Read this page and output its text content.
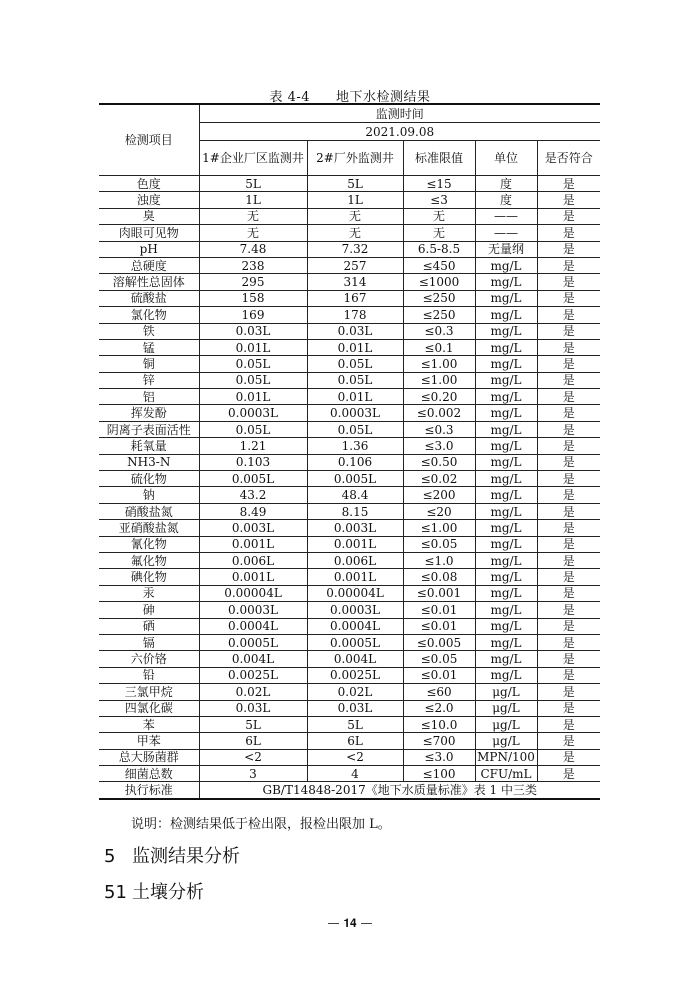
表 4-4 地下水检测结果
检测项目	监测时间				
	2021.09.08				
	1#企业厂区监测井	2#厂外监测井	标准限值	单位	是否符合
色度	5L	5L	≤15	度	是
浊度	1L	1L	≤3	度	是
臭	无	无	无	——	是
肉眼可见物	无	无	无	——	是
pH	7.48	7.32	6.5-8.5	无量纲	是
总硬度	238	257	≤450	mg/L	是
溶解性总固体	295	314	≤1000	mg/L	是
硫酸盐	158	167	≤250	mg/L	是
氯化物	169	178	≤250	mg/L	是
铁	0.03L	0.03L	≤0.3	mg/L	是
锰	0.01L	0.01L	≤0.1	mg/L	是
铜	0.05L	0.05L	≤1.00	mg/L	是
锌	0.05L	0.05L	≤1.00	mg/L	是
铝	0.01L	0.01L	≤0.20	mg/L	是
挥发酚	0.0003L	0.0003L	≤0.002	mg/L	是
阴离子表面活性	0.05L	0.05L	≤0.3	mg/L	是
耗氧量	1.21	1.36	≤3.0	mg/L	是
NH3-N	0.103	0.106	≤0.50	mg/L	是
硫化物	0.005L	0.005L	≤0.02	mg/L	是
钠	43.2	48.4	≤200	mg/L	是
硝酸盐氮	8.49	8.15	≤20	mg/L	是
亚硝酸盐氮	0.003L	0.003L	≤1.00	mg/L	是
氰化物	0.001L	0.001L	≤0.05	mg/L	是
氟化物	0.006L	0.006L	≤1.0	mg/L	是
碘化物	0.001L	0.001L	≤0.08	mg/L	是
汞	0.00004L	0.00004L	≤0.001	mg/L	是
砷	0.0003L	0.0003L	≤0.01	mg/L	是
硒	0.0004L	0.0004L	≤0.01	mg/L	是
镉	0.0005L	0.0005L	≤0.005	mg/L	是
六价铬	0.004L	0.004L	≤0.05	mg/L	是
铅	0.0025L	0.0025L	≤0.01	mg/L	是
三氯甲烷	0.02L	0.02L	≤60	μg/L	是
四氯化碳	0.03L	0.03L	≤2.0	μg/L	是
苯	5L	5L	≤10.0	μg/L	是
甲苯	6L	6L	≤700	μg/L	是
总大肠菌群	<2	<2	≤3.0	MPN/100	是
细菌总数	3	4	≤100	CFU/mL	是
执行标准	GB/T14848-2017《地下水质量标准》表 1 中三类				
说明：检测结果低于检出限，报检出限加 L。
5 监测结果分析
51 土壤分析
— 𝟏𝟒 —
